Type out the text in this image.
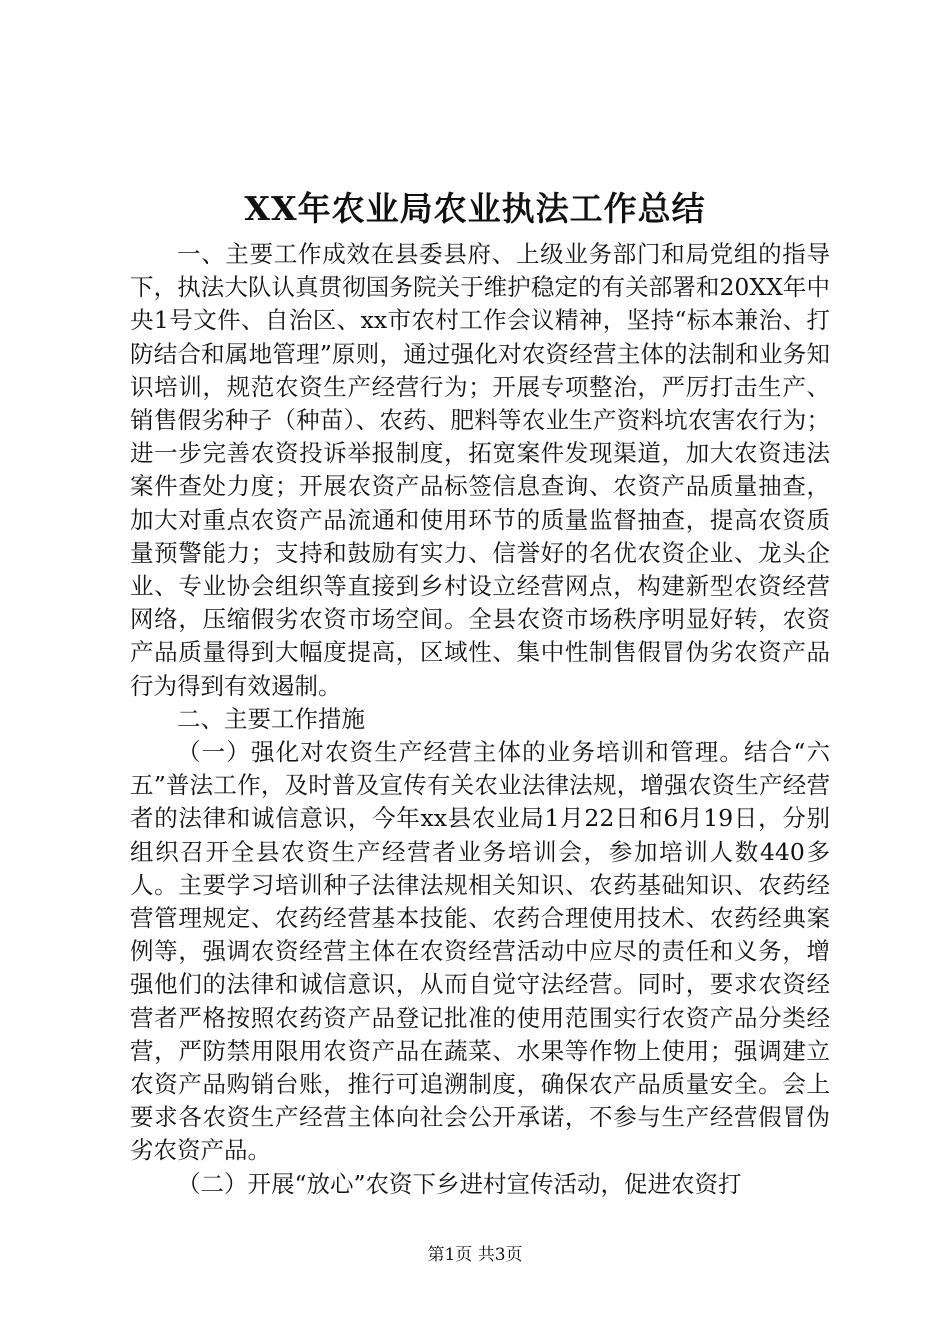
XX年农业局农业执法工作总结

一、主要工作成效在县委县府、上级业务部门和局党组的指导下，执法大队认真贯彻国务院关于维护稳定的有关部署和20XX年中央1号文件、自治区、xx市农村工作会议精神，坚持“标本兼治、打防结合和属地管理”原则，通过强化对农资经营主体的法制和业务知识培训，规范农资生产经营行为；开展专项整治，严厉打击生产、销售假劣种子（种苗）、农药、肥料等农业生产资料坑农害农行为；进一步完善农资投诉举报制度，拓宽案件发现渠道，加大农资违法案件查处力度；开展农资产品标签信息查询、农资产品质量抽查，加大对重点农资产品流通和使用环节的质量监督抽查，提高农资质量预警能力；支持和鼓励有实力、信誉好的名优农资企业、龙头企业、专业协会组织等直接到乡村设立经营网点，构建新型农资经营网络，压缩假劣农资市场空间。全县农资市场秩序明显好转，农资产品质量得到大幅度提高，区域性、集中性制售假冒伪劣农资产品行为得到有效遏制。

二、主要工作措施

（一）强化对农资生产经营主体的业务培训和管理。结合“六五”普法工作，及时普及宣传有关农业法律法规，增强农资生产经营者的法律和诚信意识，今年xx县农业局1月22日和6月19日，分别组织召开全县农资生产经营者业务培训会，参加培训人数440多人。主要学习培训种子法律法规相关知识、农药基础知识、农药经营管理规定、农药经营基本技能、农药合理使用技术、农药经典案例等，强调农资经营主体在农资经营活动中应尽的责任和义务，增强他们的法律和诚信意识，从而自觉守法经营。同时，要求农资经营者严格按照农药资产品登记批准的使用范围实行农资产品分类经营，严防禁用限用农资产品在蔬菜、水果等作物上使用；强调建立农资产品购销台账，推行可追溯制度，确保农产品质量安全。会上要求各农资生产经营主体向社会公开承诺，不参与生产经营假冒伪劣农资产品。

（二）开展“放心”农资下乡进村宣传活动，促进农资打

第1页 共3页
